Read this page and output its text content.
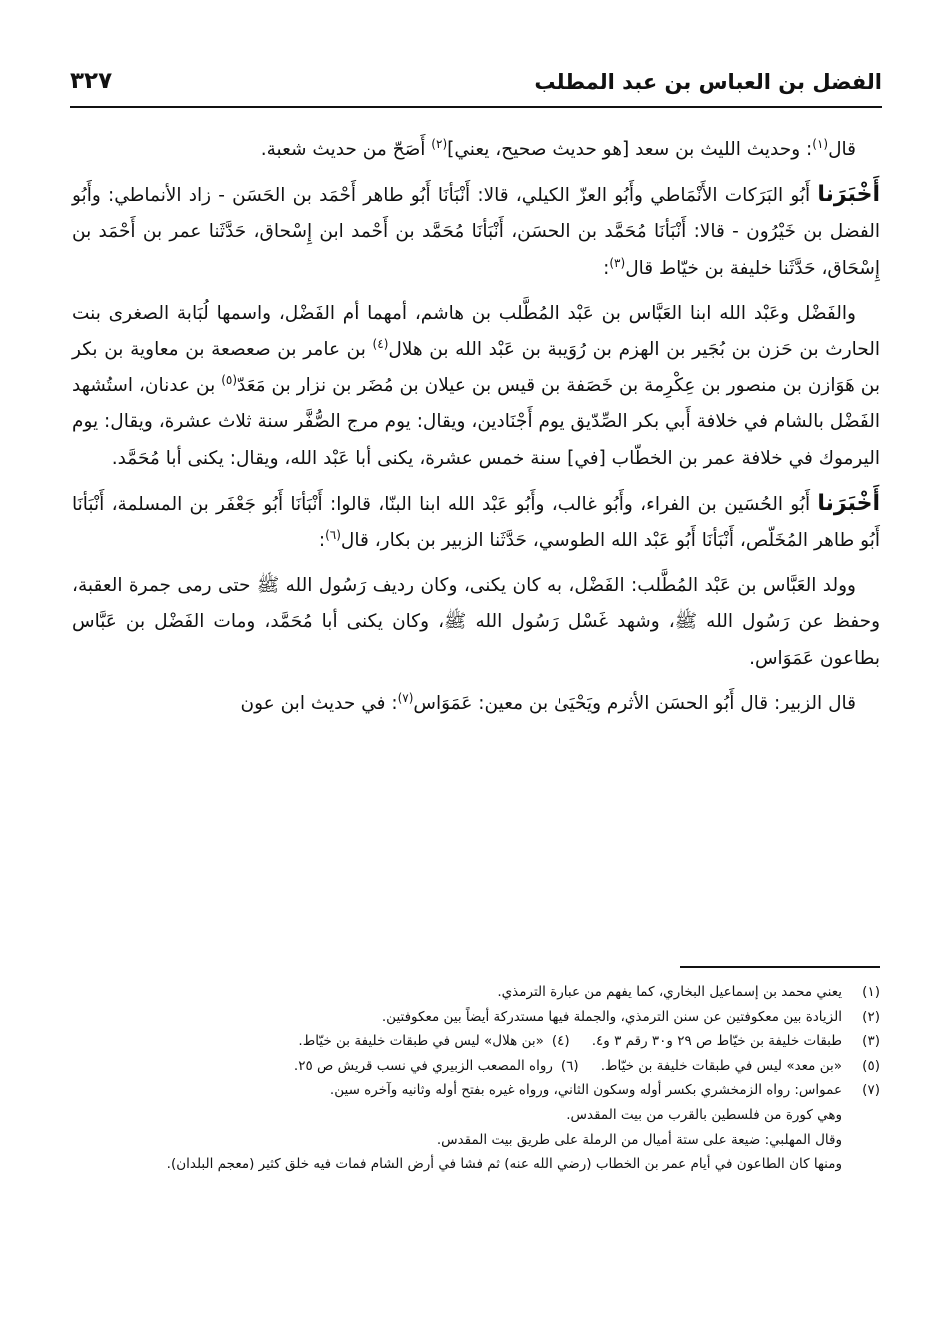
الفضل بن العباس بن عبد المطلب
٣٢٧

قال$^{(١)}$: وحديث الليث بن سعد [هو حديث صحيح، يعني]$^{(٢)}$ أَصَحّ من حديث شعبة.

أَخْبَرَنا أَبُو البَرَكات الأَنْمَاطي وأَبُو العزّ الكيلي، قالا: أَنْبَأنَا أَبُو طاهر أَحْمَد بن الحَسَن - زاد الأنماطي: وأَبُو الفضل بن خَيْرُون - قالا: أَنْبَأنَا مُحَمَّد بن الحسَن، أَنْبَأنَا مُحَمَّد بن أَحْمد ابن إِسْحاق، حَدَّثَنا عمر بن أَحْمَد بن إِسْحَاق، حَدَّثَنا خليفة بن خيّاط قال$^{(٣)}$:

والفَضْل وعَبْد الله ابنا العَبَّاس بن عَبْد المُطَّلب بن هاشم، أمهما أم الفَضْل، واسمها لُبَابة الصغرى بنت الحارث بن حَزن بن بُجَير بن الهزم بن رُوَيبة بن عَبْد الله بن هلال$^{(٤)}$ بن عامر بن صعصعة بن معاوية بن بكر بن هَوَازن بن منصور بن عِكْرِمة بن خَصَفة بن قيس بن عيلان بن مُضَر بن نزار بن مَعَدّ$^{(٥)}$ بن عدنان، استُشهد الفَضْل بالشام في خلافة أَبي بكر الصِّدّيق يوم أَجْنَادين، ويقال: يوم مرج الصُّفَّر سنة ثلاث عشرة، ويقال: يوم اليرموك في خلافة عمر بن الخطّاب [في] سنة خمس عشرة، يكنى أبا عَبْد الله، ويقال: يكنى أبا مُحَمَّد.

أَخْبَرَنا أَبُو الحُسَين بن الفراء، وأَبُو غالب، وأَبُو عَبْد الله ابنا البنّا، قالوا: أَنْبَأنَا أَبُو جَعْفَر بن المسلمة، أَنْبَأنَا أَبُو طاهر المُخَلّص، أَنْبَأنَا أَبُو عَبْد الله الطوسي، حَدَّثَنا الزبير بن بكار، قال$^{(٦)}$:

وولد العَبَّاس بن عَبْد المُطَّلب: الفَضْل، به كان يكنى، وكان رديف رَسُول الله ﷺ حتى رمى جمرة العقبة، وحفظ عن رَسُول الله ﷺ، وشهد غَسْل رَسُول الله ﷺ، وكان يكنى أبا مُحَمَّد، ومات الفَضْل بن عَبَّاس بطاعون عَمَوَاس.

قال الزبير: قال أَبُو الحسَن الأثرم ويَحْيَىٰ بن معين: عَمَوَاس$^{(٧)}$: في حديث ابن عون

(١)
يعني محمد بن إسماعيل البخاري، كما يفهم من عبارة الترمذي.
(٢)
الزيادة بين معكوفتين عن سنن الترمذي، والجملة فيها مستدركة أيضاً بين معكوفتين.
(٣)
طبقات خليفة بن خيّاط ص ٢٩ و٣٠ رقم ٣ و٤.
(٤)
«بن هلال» ليس في طبقات خليفة بن خيّاط.
(٥)
«بن معد» ليس في طبقات خليفة بن خيّاط.
(٦)
رواه المصعب الزبيري في نسب قريش ص ٢٥.
(٧)
عمواس: رواه الزمخشري بكسر أوله وسكون الثاني، ورواه غيره بفتح أوله وثانيه وآخره سين.
وهي كورة من فلسطين بالقرب من بيت المقدس.
وقال المهلبي: ضيعة على ستة أميال من الرملة على طريق بيت المقدس.
ومنها كان الطاعون في أيام عمر بن الخطاب (رضي الله عنه) ثم فشا في أرض الشام فمات فيه خلق كثير (معجم البلدان).
